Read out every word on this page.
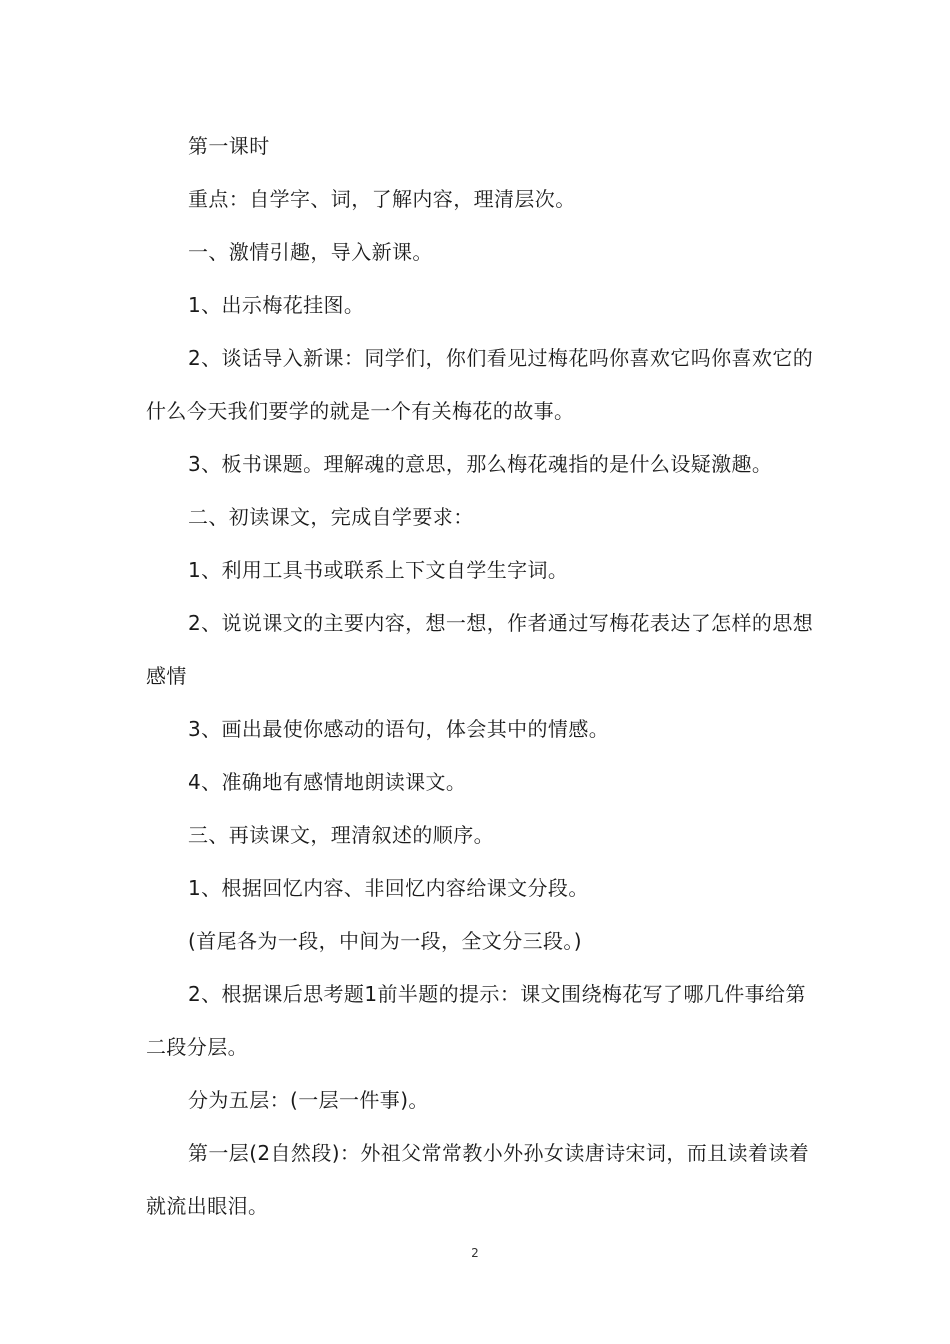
第一课时

重点：自学字、词，了解内容，理清层次。

一、激情引趣，导入新课。

1、出示梅花挂图。

2、谈话导入新课：同学们，你们看见过梅花吗你喜欢它吗你喜欢它的什么今天我们要学的就是一个有关梅花的故事。

3、板书课题。理解魂的意思，那么梅花魂指的是什么设疑激趣。

二、初读课文，完成自学要求：

1、利用工具书或联系上下文自学生字词。

2、说说课文的主要内容，想一想，作者通过写梅花表达了怎样的思想感情

3、画出最使你感动的语句，体会其中的情感。

4、准确地有感情地朗读课文。

三、再读课文，理清叙述的顺序。

1、根据回忆内容、非回忆内容给课文分段。

(首尾各为一段，中间为一段，全文分三段。)

2、根据课后思考题1前半题的提示：课文围绕梅花写了哪几件事给第二段分层。

分为五层：(一层一件事)。

第一层(2自然段)：外祖父常常教小外孙女读唐诗宋词，而且读着读着就流出眼泪。

2
